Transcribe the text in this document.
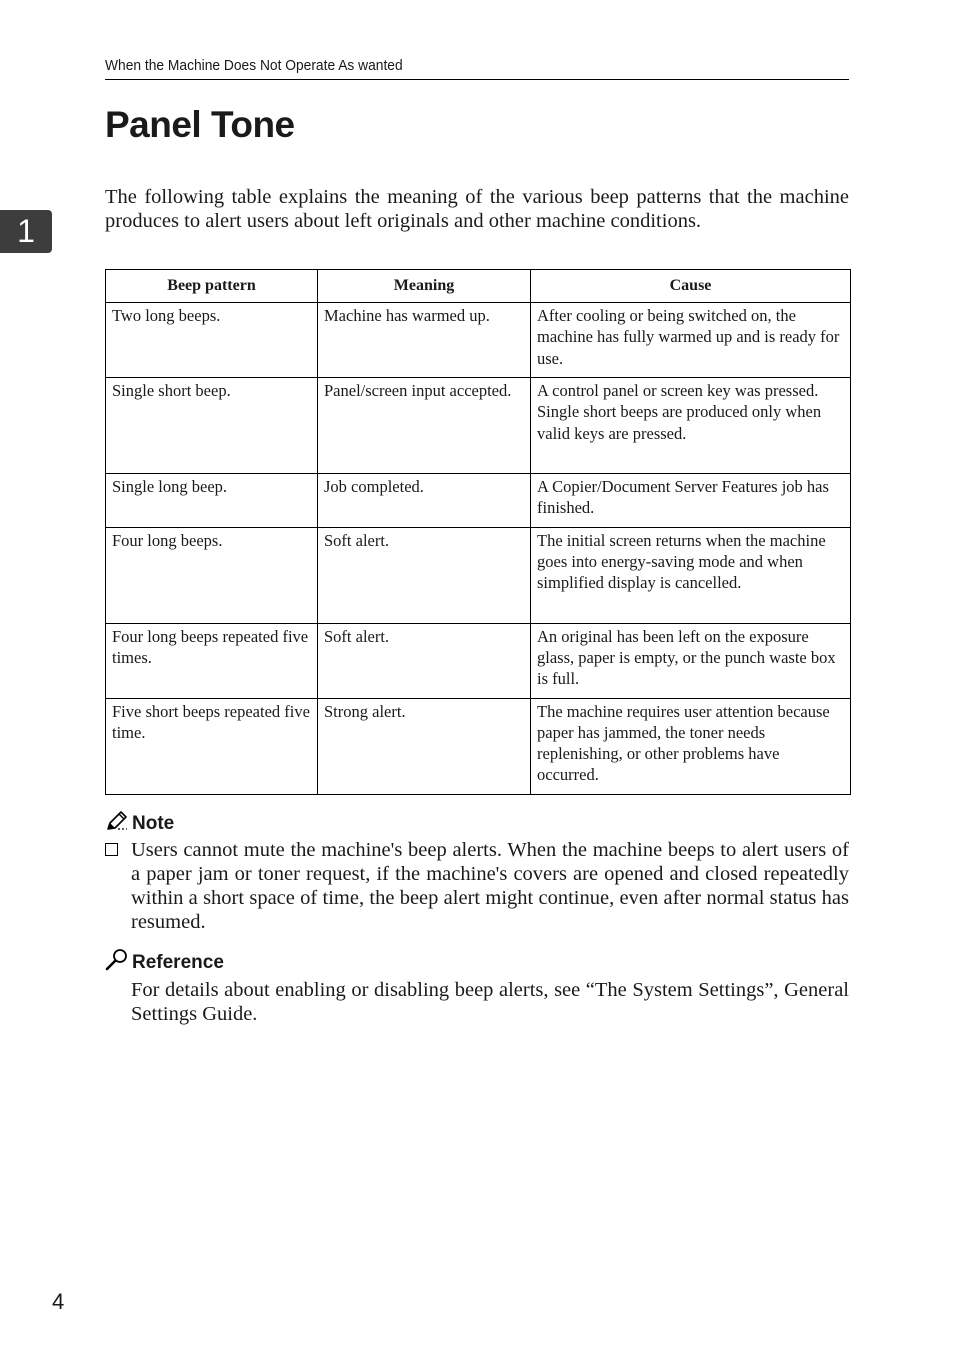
When the Machine Does Not Operate As wanted
Panel Tone
1

The following table explains the meaning of the various beep patterns that the machine produces to alert users about left originals and other machine conditions.

Beep pattern	Meaning	Cause
Two long beeps.	Machine has warmed up.	After cooling or being switched on, the machine has fully warmed up and is ready for use.
Single short beep.	Panel/screen input accepted.	A control panel or screen key was pressed. Single short beeps are produced only when valid keys are pressed.
Single long beep.	Job completed.	A Copier/Document Server Features job has finished.
Four long beeps.	Soft alert.	The initial screen returns when the machine goes into energy-saving mode and when simplified display is cancelled.
Four long beeps repeated five times.	Soft alert.	An original has been left on the exposure glass, paper is empty, or the punch waste box is full.
Five short beeps repeated five time.	Strong alert.	The machine requires user attention because paper has jammed, the toner needs replenishing, or other problems have occurred.
Note
Users cannot mute the machine's beep alerts. When the machine beeps to alert users of a paper jam or toner request, if the machine's covers are opened and closed repeatedly within a short space of time, the beep alert might continue, even after normal status has resumed.
Reference
For details about enabling or disabling beep alerts, see “The System Settings”, General Settings Guide.
4
